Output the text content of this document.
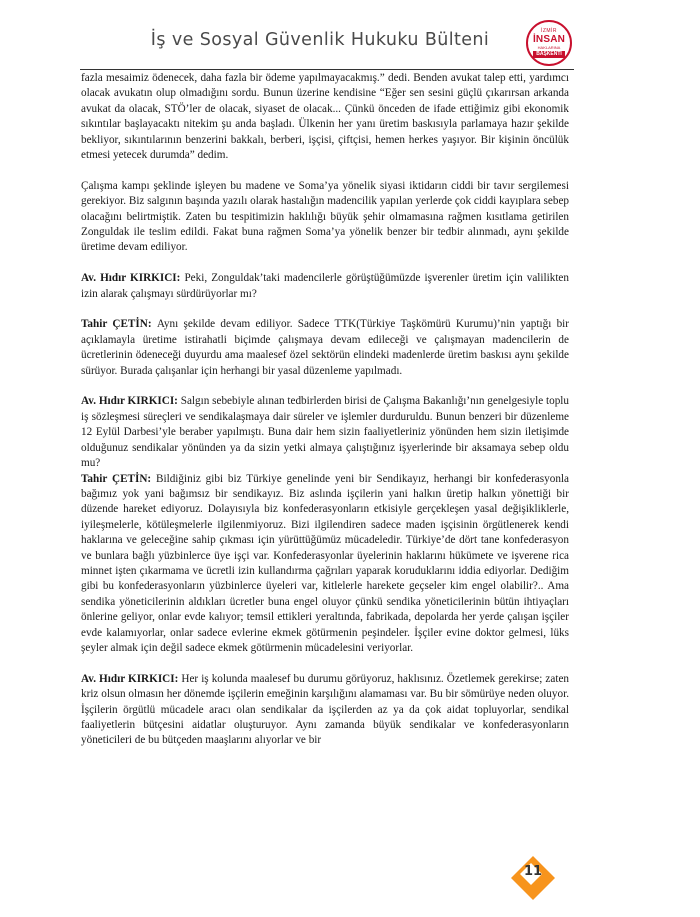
İş ve Sosyal Güvenlik Hukuku Bülteni	İZMİR
İNSAN
HAKLARINA
BAŞKENTİ

fazla mesaimiz ödenecek, daha fazla bir ödeme yapılmayacakmış.” dedi. Benden avukat talep etti, yardımcı olacak avukatın olup olmadığını sordu. Bunun üzerine kendisine “Eğer sen sesini güçlü çıkarırsan arkanda avukat da olacak, STÖ’ler de olacak, siyaset de olacak... Çünkü önceden de ifade ettiğimiz gibi ekonomik sıkıntılar başlayacaktı nitekim şu anda başladı. Ülkenin her yanı üretim baskısıyla parlamaya hazır şekilde bekliyor, sıkıntılarının benzerini bakkalı, berberi, işçisi, çiftçisi, hemen herkes yaşıyor. Bir kişinin öncülük etmesi yetecek durumda” dedim.

Çalışma kampı şeklinde işleyen bu madene ve Soma’ya yönelik siyasi iktidarın ciddi bir tavır sergilemesi gerekiyor. Biz salgının başında yazılı olarak hastalığın madencilik yapılan yerlerde çok ciddi kayıplara sebep olacağını belirtmiştik. Zaten bu tespitimizin haklılığı büyük şehir olmamasına rağmen kısıtlama getirilen Zonguldak ile teslim edildi. Fakat buna rağmen Soma’ya yönelik benzer bir tedbir alınmadı, aynı şekilde üretime devam ediliyor.

Av. Hıdır KIRKICI: Peki, Zonguldak’taki madencilerle görüştüğümüzde işverenler üretim için valilikten izin alarak çalışmayı sürdürüyorlar mı?

Tahir ÇETİN: Aynı şekilde devam ediliyor. Sadece TTK(Türkiye Taşkömürü Kurumu)’nin yaptığı bir açıklamayla üretime istirahatli biçimde çalışmaya devam edileceği ve çalışmayan madencilerin de ücretlerinin ödeneceği duyurdu ama maalesef özel sektörün elindeki madenlerde üretim baskısı aynı şekilde sürüyor. Burada çalışanlar için herhangi bir yasal düzenleme yapılmadı.

Av. Hıdır KIRKICI: Salgın sebebiyle alınan tedbirlerden birisi de Çalışma Bakanlığı’nın genelgesiyle toplu iş sözleşmesi süreçleri ve sendikalaşmaya dair süreler ve işlemler durduruldu. Bunun benzeri bir düzenleme 12 Eylül Darbesi’yle beraber yapılmıştı. Buna dair hem sizin faaliyetleriniz yönünden hem sizin iletişimde olduğunuz sendikalar yönünden ya da sizin yetki almaya çalıştığınız işyerlerinde bir aksamaya sebep oldu mu?

Tahir ÇETİN: Bildiğiniz gibi biz Türkiye genelinde yeni bir Sendikayız, herhangi bir konfederasyonla bağımız yok yani bağımsız bir sendikayız. Biz aslında işçilerin yani halkın üretip halkın yönettiği bir düzende hareket ediyoruz. Dolayısıyla biz konfederasyonların etkisiyle gerçekleşen yasal değişikliklerle, iyileşmelerle, kötüleşmelerle ilgilenmiyoruz. Bizi ilgilendiren sadece maden işçisinin örgütlenerek kendi haklarına ve geleceğine sahip çıkması için yürüttüğümüz mücadeledir. Türkiye’de dört tane konfederasyon ve bunlara bağlı yüzbinlerce üye işçi var. Konfederasyonlar üyelerinin haklarını hükümete ve işverene rica minnet işten çıkarmama ve ücretli izin kullandırma çağrıları yaparak koruduklarını iddia ediyorlar. Dediğim gibi bu konfederasyonların yüzbinlerce üyeleri var, kitlelerle harekete geçseler kim engel olabilir?.. Ama sendika yöneticilerinin aldıkları ücretler buna engel oluyor çünkü sendika yöneticilerinin bütün ihtiyaçları önlerine geliyor, onlar evde kalıyor; temsil ettikleri yeraltında, fabrikada, depolarda her yerde çalışan işçiler evde kalamıyorlar, onlar sadece evlerine ekmek götürmenin peşindeler. İşçiler evine doktor gelmesi, lüks şeyler almak için değil sadece ekmek götürmenin mücadelesini veriyorlar.

Av. Hıdır KIRKICI: Her iş kolunda maalesef bu durumu görüyoruz, haklısınız. Özetlemek gerekirse; zaten kriz olsun olmasın her dönemde işçilerin emeğinin karşılığını alamaması var. Bu bir sömürüye neden oluyor. İşçilerin örgütlü mücadele aracı olan sendikalar da işçilerden az ya da çok aidat topluyorlar, sendikal faaliyetlerin bütçesini aidatlar oluşturuyor. Aynı zamanda büyük sendikalar ve konfederasyonların yöneticileri de bu bütçeden maaşlarını alıyorlar ve bir

11
